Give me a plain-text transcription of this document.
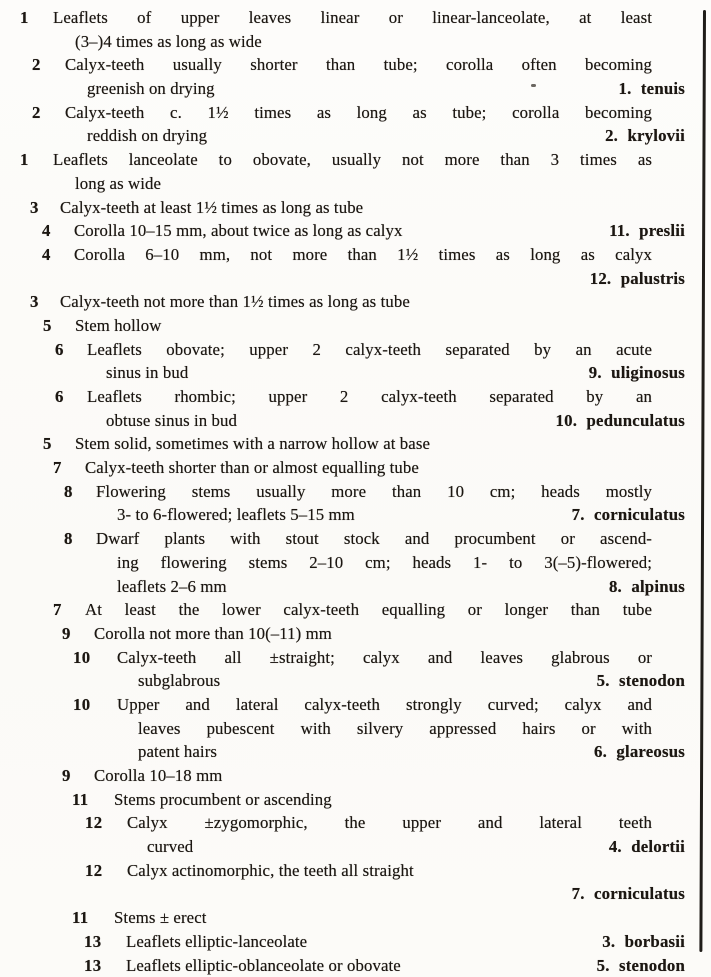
1 Leaflets of upper leaves linear or linear-lanceolate, at least
(3–)4 times as long as wide
2 Calyx-teeth usually shorter than tube; corolla often becoming
greenish on drying	1. tenuis
2 Calyx-teeth c. 1½ times as long as tube; corolla becoming
reddish on drying	2. krylovii
1 Leaflets lanceolate to obovate, usually not more than 3 times as
long as wide
3 Calyx-teeth at least 1½ times as long as tube
4 Corolla 10–15 mm, about twice as long as calyx	11. preslii
4 Corolla 6–10 mm, not more than 1½ times as long as calyx
12. palustris
3 Calyx-teeth not more than 1½ times as long as tube
5 Stem hollow
6 Leaflets obovate; upper 2 calyx-teeth separated by an acute
sinus in bud	9. uliginosus
6 Leaflets rhombic; upper 2 calyx-teeth separated by an
obtuse sinus in bud	10. pedunculatus
5 Stem solid, sometimes with a narrow hollow at base
7 Calyx-teeth shorter than or almost equalling tube
8 Flowering stems usually more than 10 cm; heads mostly
3- to 6-flowered; leaflets 5–15 mm	7. corniculatus
8 Dwarf plants with stout stock and procumbent or ascend-
ing flowering stems 2–10 cm; heads 1- to 3(–5)-flowered;
leaflets 2–6 mm	8. alpinus
7 At least the lower calyx-teeth equalling or longer than tube
9 Corolla not more than 10(–11) mm
10 Calyx-teeth all ±straight; calyx and leaves glabrous or
subglabrous	5. stenodon
10 Upper and lateral calyx-teeth strongly curved; calyx and
leaves pubescent with silvery appressed hairs or with
patent hairs	6. glareosus
9 Corolla 10–18 mm
11 Stems procumbent or ascending
12 Calyx ±zygomorphic, the upper and lateral teeth
curved	4. delortii
12 Calyx actinomorphic, the teeth all straight
7. corniculatus
11 Stems ± erect
13 Leaflets elliptic-lanceolate	3. borbasii
13 Leaflets elliptic-oblanceolate or obovate	5. stenodon
